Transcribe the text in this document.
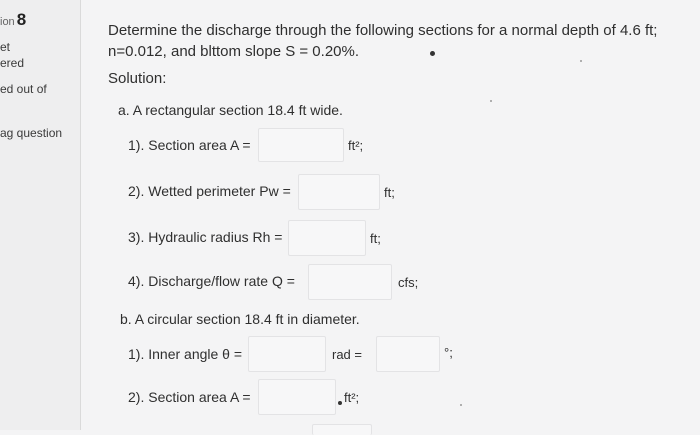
ion 8
et
ered
ed out of
ag question
Determine the discharge through the following sections for a normal depth of 4.6 ft;
n=0.012, and blttom slope S = 0.20%.
Solution:
a. A rectangular section 18.4 ft wide.
1). Section area A =	ft²;
2). Wetted perimeter Pw =	ft;
3). Hydraulic radius Rh =	ft;
4). Discharge/flow rate Q =	cfs;
b. A circular section 18.4 ft in diameter.
1). Inner angle θ =	rad =	°;
2). Section area A =	ft²;
